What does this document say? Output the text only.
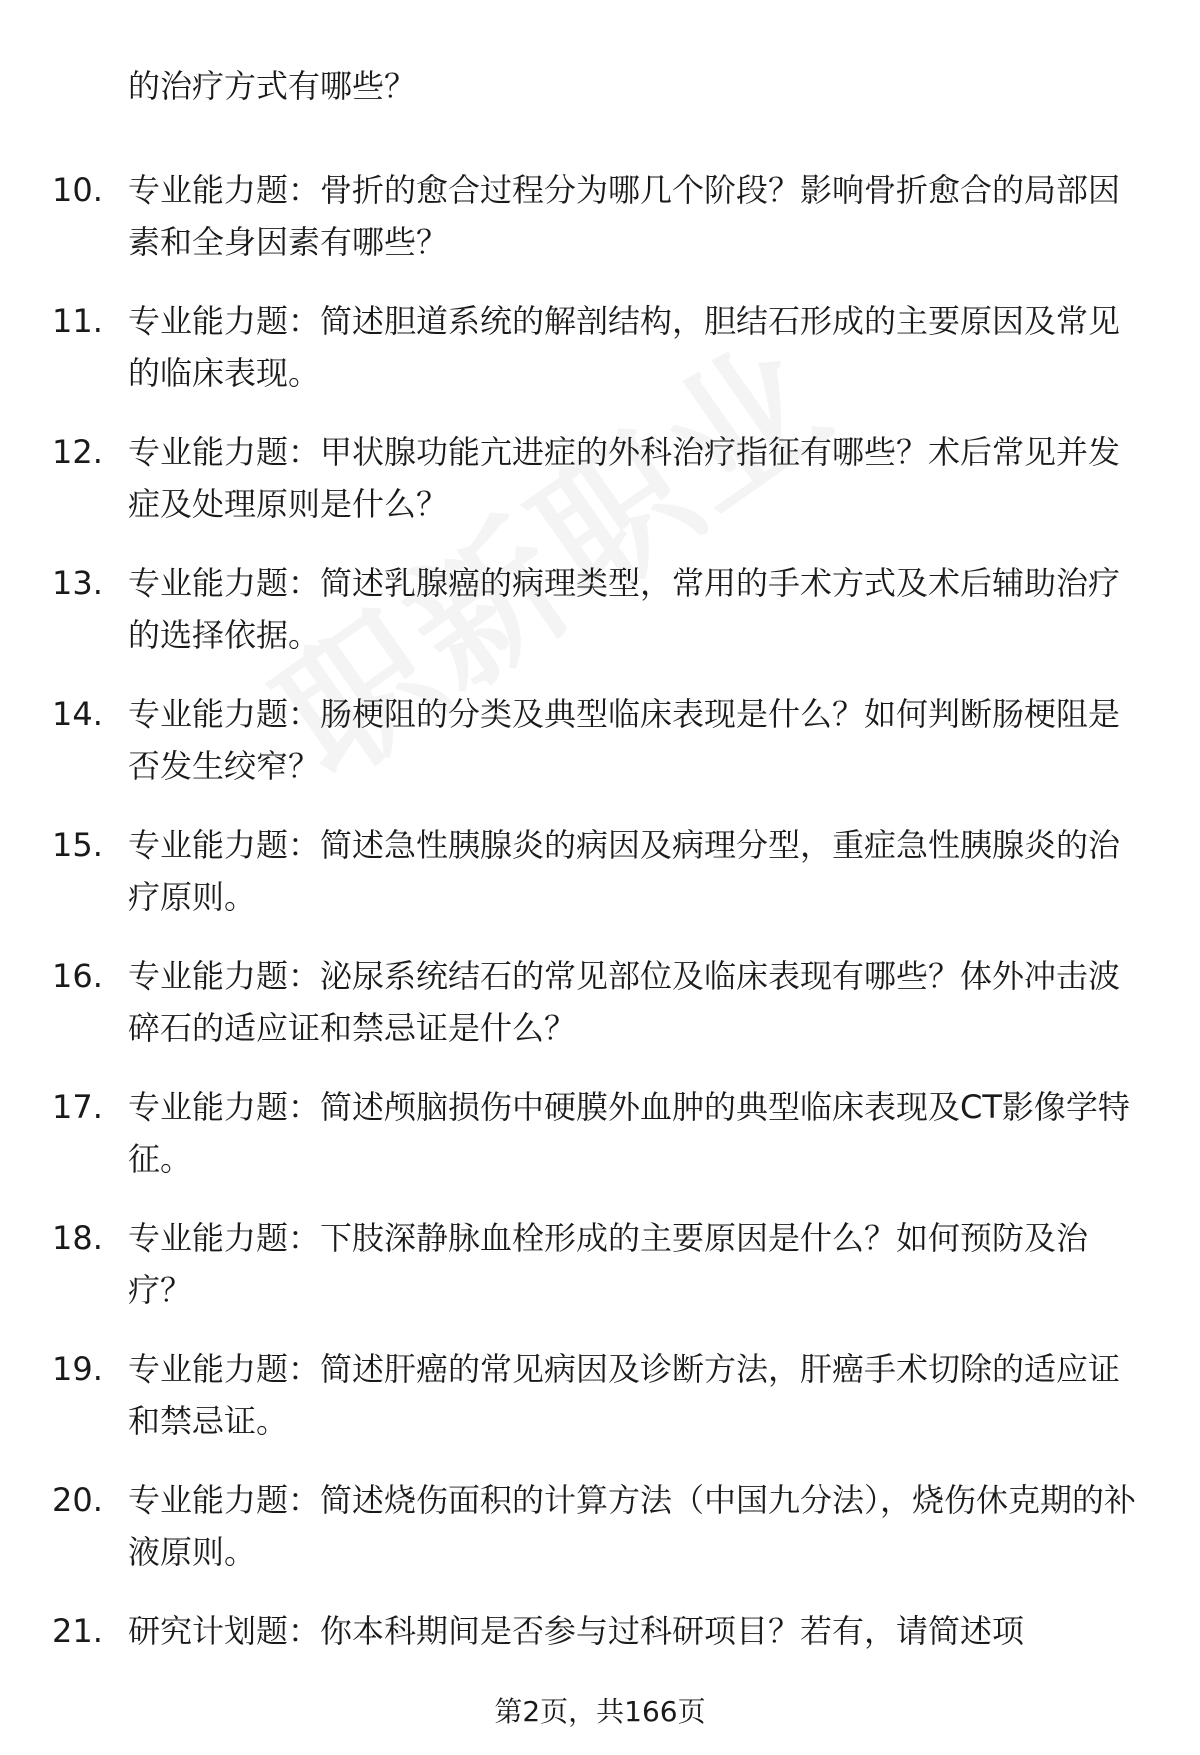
的治疗方式有哪些？
10. 专业能力题：骨折的愈合过程分为哪几个阶段？影响骨折愈合的局部因素和全身因素有哪些？
11. 专业能力题：简述胆道系统的解剖结构，胆结石形成的主要原因及常见的临床表现。
12. 专业能力题：甲状腺功能亢进症的外科治疗指征有哪些？术后常见并发症及处理原则是什么？
13. 专业能力题：简述乳腺癌的病理类型，常用的手术方式及术后辅助治疗的选择依据。
14. 专业能力题：肠梗阻的分类及典型临床表现是什么？如何判断肠梗阻是否发生绞窄？
15. 专业能力题：简述急性胰腺炎的病因及病理分型，重症急性胰腺炎的治疗原则。
16. 专业能力题：泌尿系统结石的常见部位及临床表现有哪些？体外冲击波碎石的适应证和禁忌证是什么？
17. 专业能力题：简述颅脑损伤中硬膜外血肿的典型临床表现及CT影像学特征。
18. 专业能力题：下肢深静脉血栓形成的主要原因是什么？如何预防及治疗？
19. 专业能力题：简述肝癌的常见病因及诊断方法，肝癌手术切除的适应证和禁忌证。
20. 专业能力题：简述烧伤面积的计算方法（中国九分法），烧伤休克期的补液原则。
21. 研究计划题：你本科期间是否参与过科研项目？若有，请简述项
第2页，共166页
